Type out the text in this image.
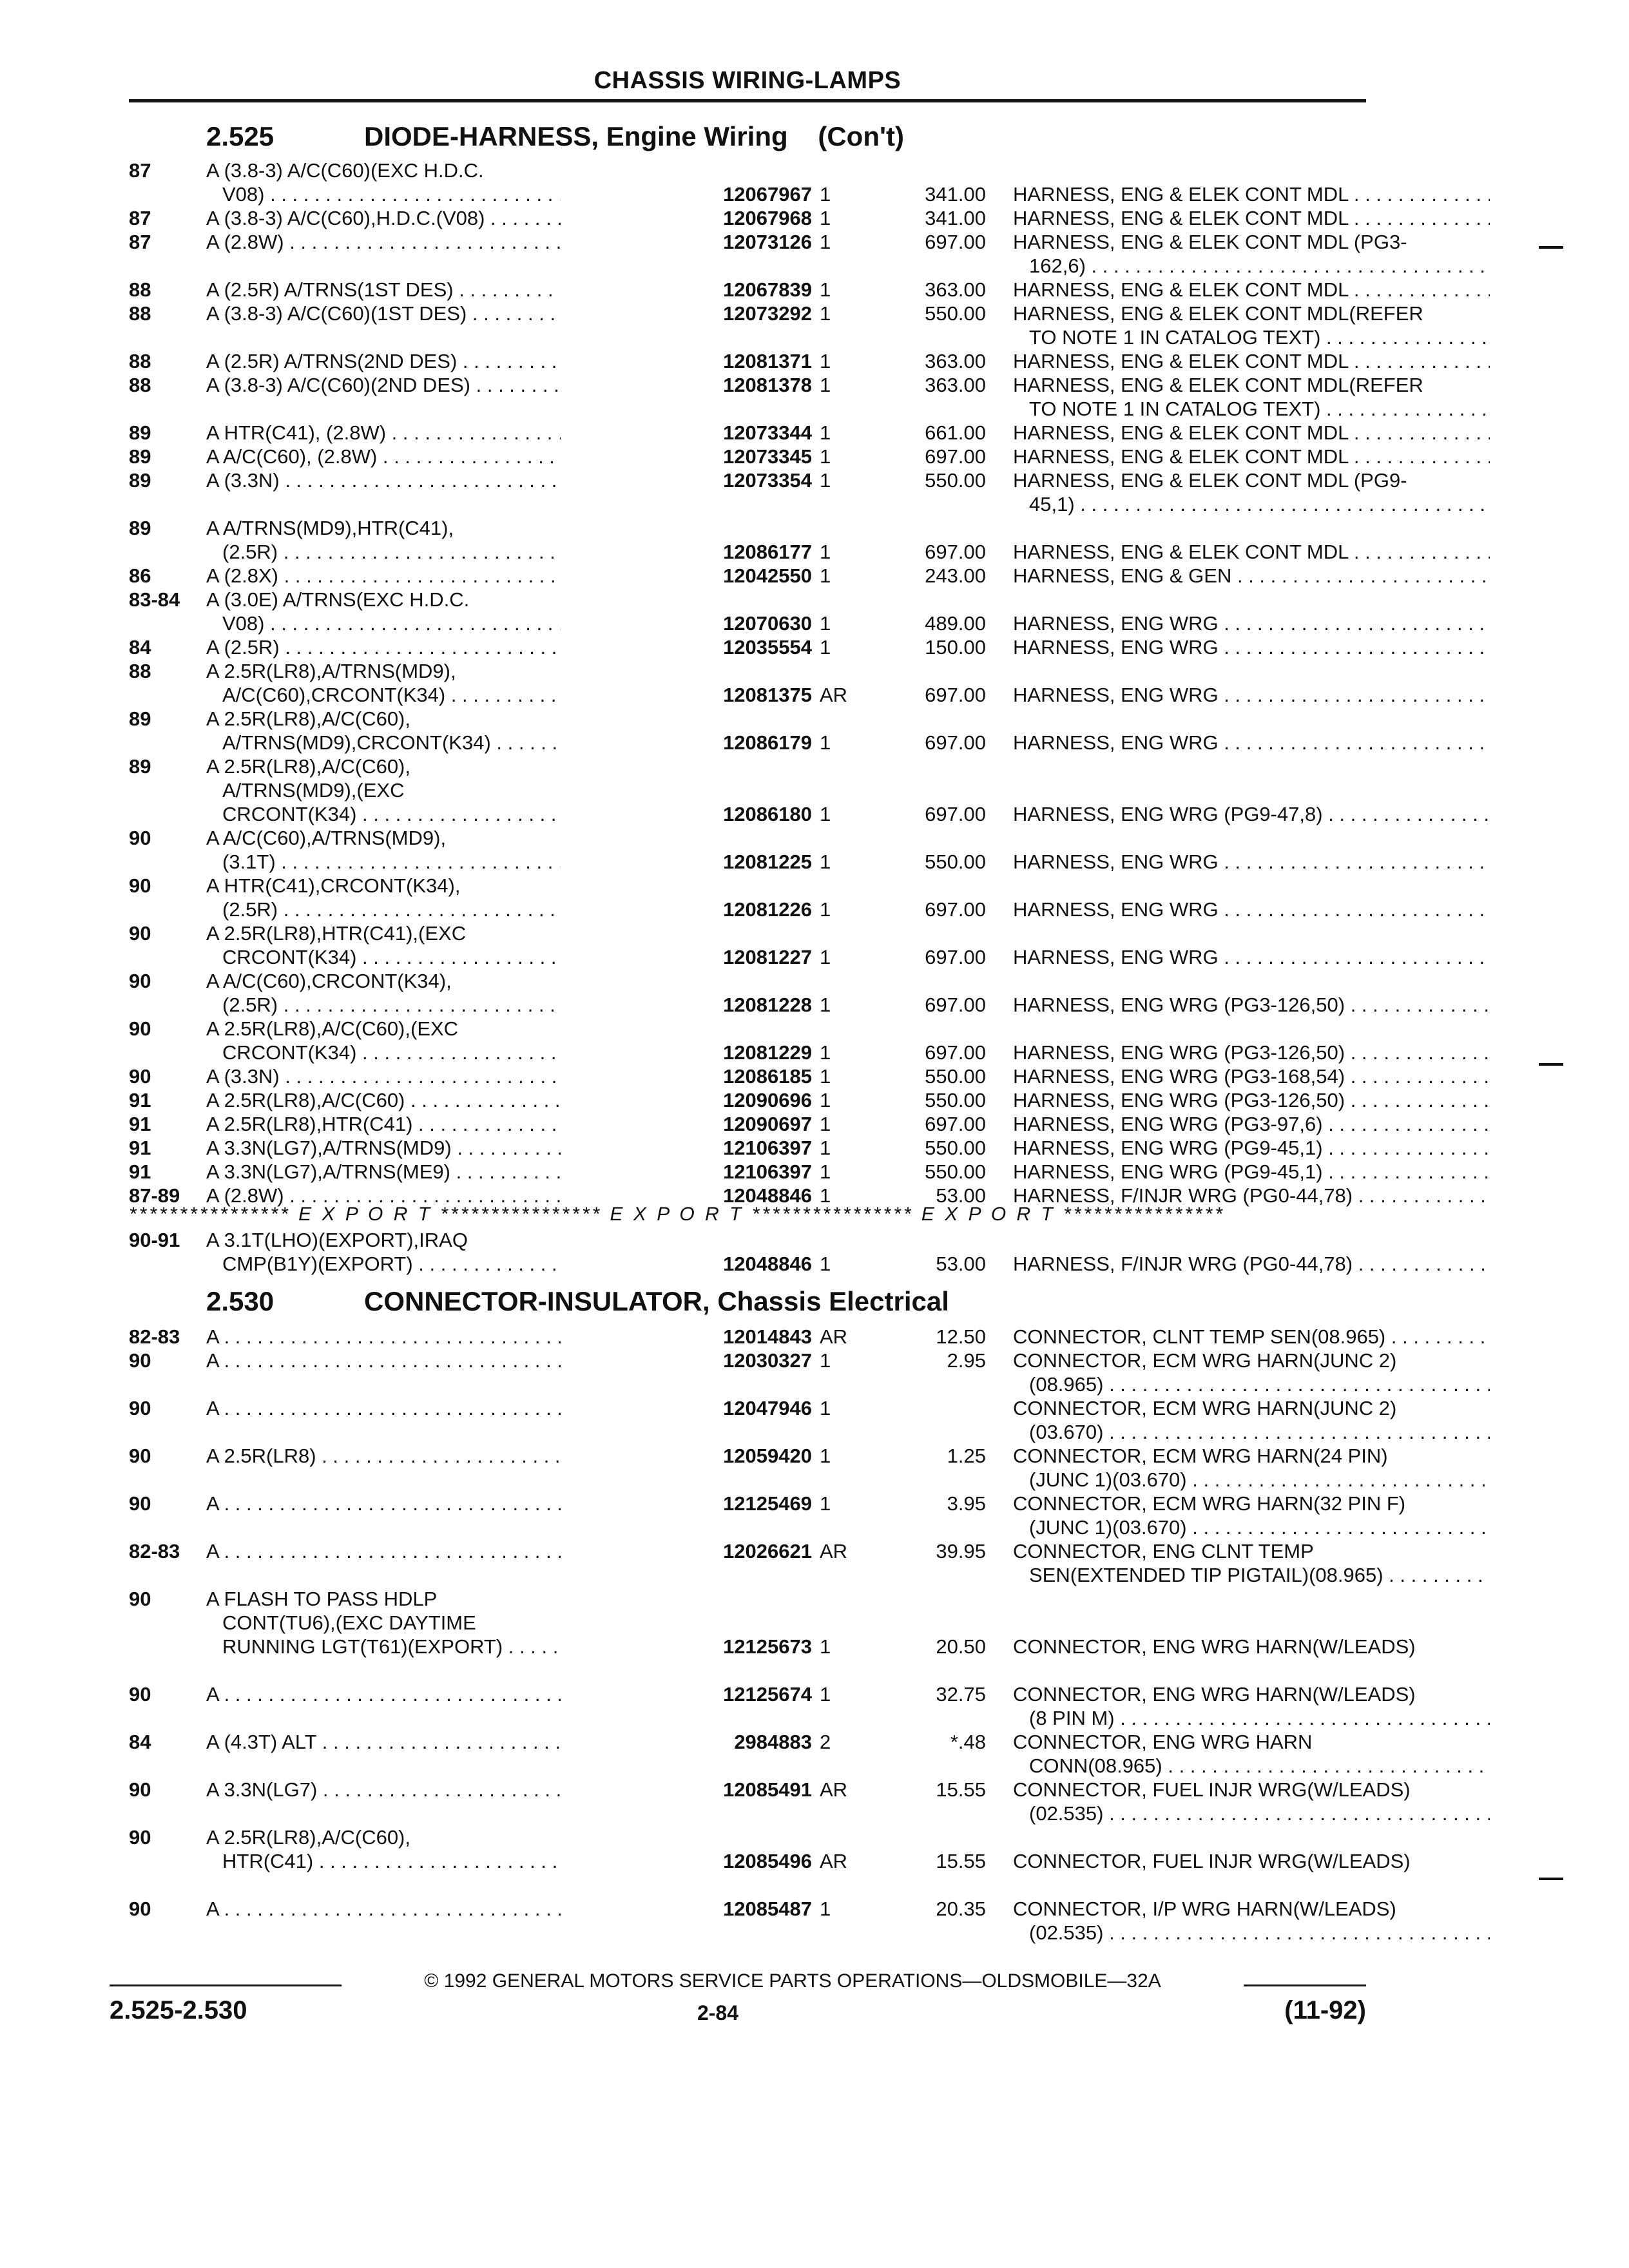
CHASSIS WIRING-LAMPS
2.525	DIODE-HARNESS, Engine Wiring (Con't)
87	A (3.8-3) A/C(C60)(EXC H.D.C.
V08) . . .	12067967 1	341.00 HARNESS, ENG & ELEK CONT MDL . . .
87	A (3.8-3) A/C(C60),H.D.C.(V08) . . .	12067968 1	341.00 HARNESS, ENG & ELEK CONT MDL . . .
87	A (2.8W) . . .	12073126 1	697.00 HARNESS, ENG & ELEK CONT MDL (PG3-
162,6) . . .
88	A (2.5R) A/TRNS(1ST DES) . . .	12067839 1	363.00 HARNESS, ENG & ELEK CONT MDL . . .
88	A (3.8-3) A/C(C60)(1ST DES) . . .	12073292 1	550.00 HARNESS, ENG & ELEK CONT MDL(REFER
TO NOTE 1 IN CATALOG TEXT) . . .
88	A (2.5R) A/TRNS(2ND DES) . . .	12081371 1	363.00 HARNESS, ENG & ELEK CONT MDL . . .
88	A (3.8-3) A/C(C60)(2ND DES) . . .	12081378 1	363.00 HARNESS, ENG & ELEK CONT MDL(REFER
TO NOTE 1 IN CATALOG TEXT) . . .
89	A HTR(C41), (2.8W) . . .	12073344 1	661.00 HARNESS, ENG & ELEK CONT MDL . . .
89	A A/C(C60), (2.8W) . . .	12073345 1	697.00 HARNESS, ENG & ELEK CONT MDL . . .
89	A (3.3N) . . .	12073354 1	550.00 HARNESS, ENG & ELEK CONT MDL (PG9-
45,1) . . .
89	A A/TRNS(MD9),HTR(C41),
(2.5R) . . .	12086177 1	697.00 HARNESS, ENG & ELEK CONT MDL . . .
86	A (2.8X) . . .	12042550 1	243.00 HARNESS, ENG & GEN . . .
83-84	A (3.0E) A/TRNS(EXC H.D.C.
V08) . . .	12070630 1	489.00 HARNESS, ENG WRG . . .
84	A (2.5R) . . .	12035554 1	150.00 HARNESS, ENG WRG . . .
88	A 2.5R(LR8),A/TRNS(MD9),
A/C(C60),CRCONT(K34) . . .	12081375 AR	697.00 HARNESS, ENG WRG . . .
89	A 2.5R(LR8),A/C(C60),
A/TRNS(MD9),CRCONT(K34) . . .	12086179 1	697.00 HARNESS, ENG WRG . . .
89	A 2.5R(LR8),A/C(C60),
A/TRNS(MD9),(EXC
CRCONT(K34) . . .	12086180 1	697.00 HARNESS, ENG WRG (PG9-47,8) . . .
90	A A/C(C60),A/TRNS(MD9),
(3.1T) . . .	12081225 1	550.00 HARNESS, ENG WRG . . .
90	A HTR(C41),CRCONT(K34),
(2.5R) . . .	12081226 1	697.00 HARNESS, ENG WRG . . .
90	A 2.5R(LR8),HTR(C41),(EXC
CRCONT(K34) . . .	12081227 1	697.00 HARNESS, ENG WRG . . .
90	A A/C(C60),CRCONT(K34),
(2.5R) . . .	12081228 1	697.00 HARNESS, ENG WRG (PG3-126,50) . . .
90	A 2.5R(LR8),A/C(C60),(EXC
CRCONT(K34) . . .	12081229 1	697.00 HARNESS, ENG WRG (PG3-126,50) . . .
90	A (3.3N) . . .	12086185 1	550.00 HARNESS, ENG WRG (PG3-168,54) . . .
91	A 2.5R(LR8),A/C(C60) . . .	12090696 1	550.00 HARNESS, ENG WRG (PG3-126,50) . . .
91	A 2.5R(LR8),HTR(C41) . . .	12090697 1	697.00 HARNESS, ENG WRG (PG3-97,6) . . .
91	A 3.3N(LG7),A/TRNS(MD9) . . .	12106397 1	550.00 HARNESS, ENG WRG (PG9-45,1) . . .
91	A 3.3N(LG7),A/TRNS(ME9) . . .	12106397 1	550.00 HARNESS, ENG WRG (PG9-45,1) . . .
87-89	A (2.8W) . . .	12048846 1	53.00 HARNESS, F/INJR WRG (PG0-44,78) . . .
**************** E X P O R T **************** E X P O R T **************** E X P O R T ****************
90-91	A 3.1T(LHO)(EXPORT),IRAQ
CMP(B1Y)(EXPORT) . . .	12048846 1	53.00 HARNESS, F/INJR WRG (PG0-44,78) . . .
2.530	CONNECTOR-INSULATOR, Chassis Electrical
82-83	A . . .	12014843 AR	12.50 CONNECTOR, CLNT TEMP SEN(08.965) . . .
90	A . . .	12030327 1	2.95 CONNECTOR, ECM WRG HARN(JUNC 2)
(08.965) . . .
90	A . . .	12047946 1	CONNECTOR, ECM WRG HARN(JUNC 2)
(03.670) . . .
90	A 2.5R(LR8) . . .	12059420 1	1.25 CONNECTOR, ECM WRG HARN(24 PIN)
(JUNC 1)(03.670) . . .
90	A . . .	12125469 1	3.95 CONNECTOR, ECM WRG HARN(32 PIN F)
(JUNC 1)(03.670) . . .
82-83	A . . .	12026621 AR	39.95 CONNECTOR, ENG CLNT TEMP
SEN(EXTENDED TIP PIGTAIL)(08.965) . . .
90	A FLASH TO PASS HDLP
CONT(TU6),(EXC DAYTIME
RUNNING LGT(T61)(EXPORT) . . .	12125673 1	20.50 CONNECTOR, ENG WRG HARN(W/LEADS)
90	A . . .	12125674 1	32.75 CONNECTOR, ENG WRG HARN(W/LEADS)
(8 PIN M) . . .
84	A (4.3T) ALT . . .	2984883 2	*.48 CONNECTOR, ENG WRG HARN
CONN(08.965) . . .
90	A 3.3N(LG7) . . .	12085491 AR	15.55 CONNECTOR, FUEL INJR WRG(W/LEADS)
(02.535) . . .
90	A 2.5R(LR8),A/C(C60),
HTR(C41) . . .	12085496 AR	15.55 CONNECTOR, FUEL INJR WRG(W/LEADS)
90	A . . .	12085487 1	20.35 CONNECTOR, I/P WRG HARN(W/LEADS)
(02.535) . . .
© 1992 GENERAL MOTORS SERVICE PARTS OPERATIONS—OLDSMOBILE—32A
2.525-2.530	2-84	(11-92)
